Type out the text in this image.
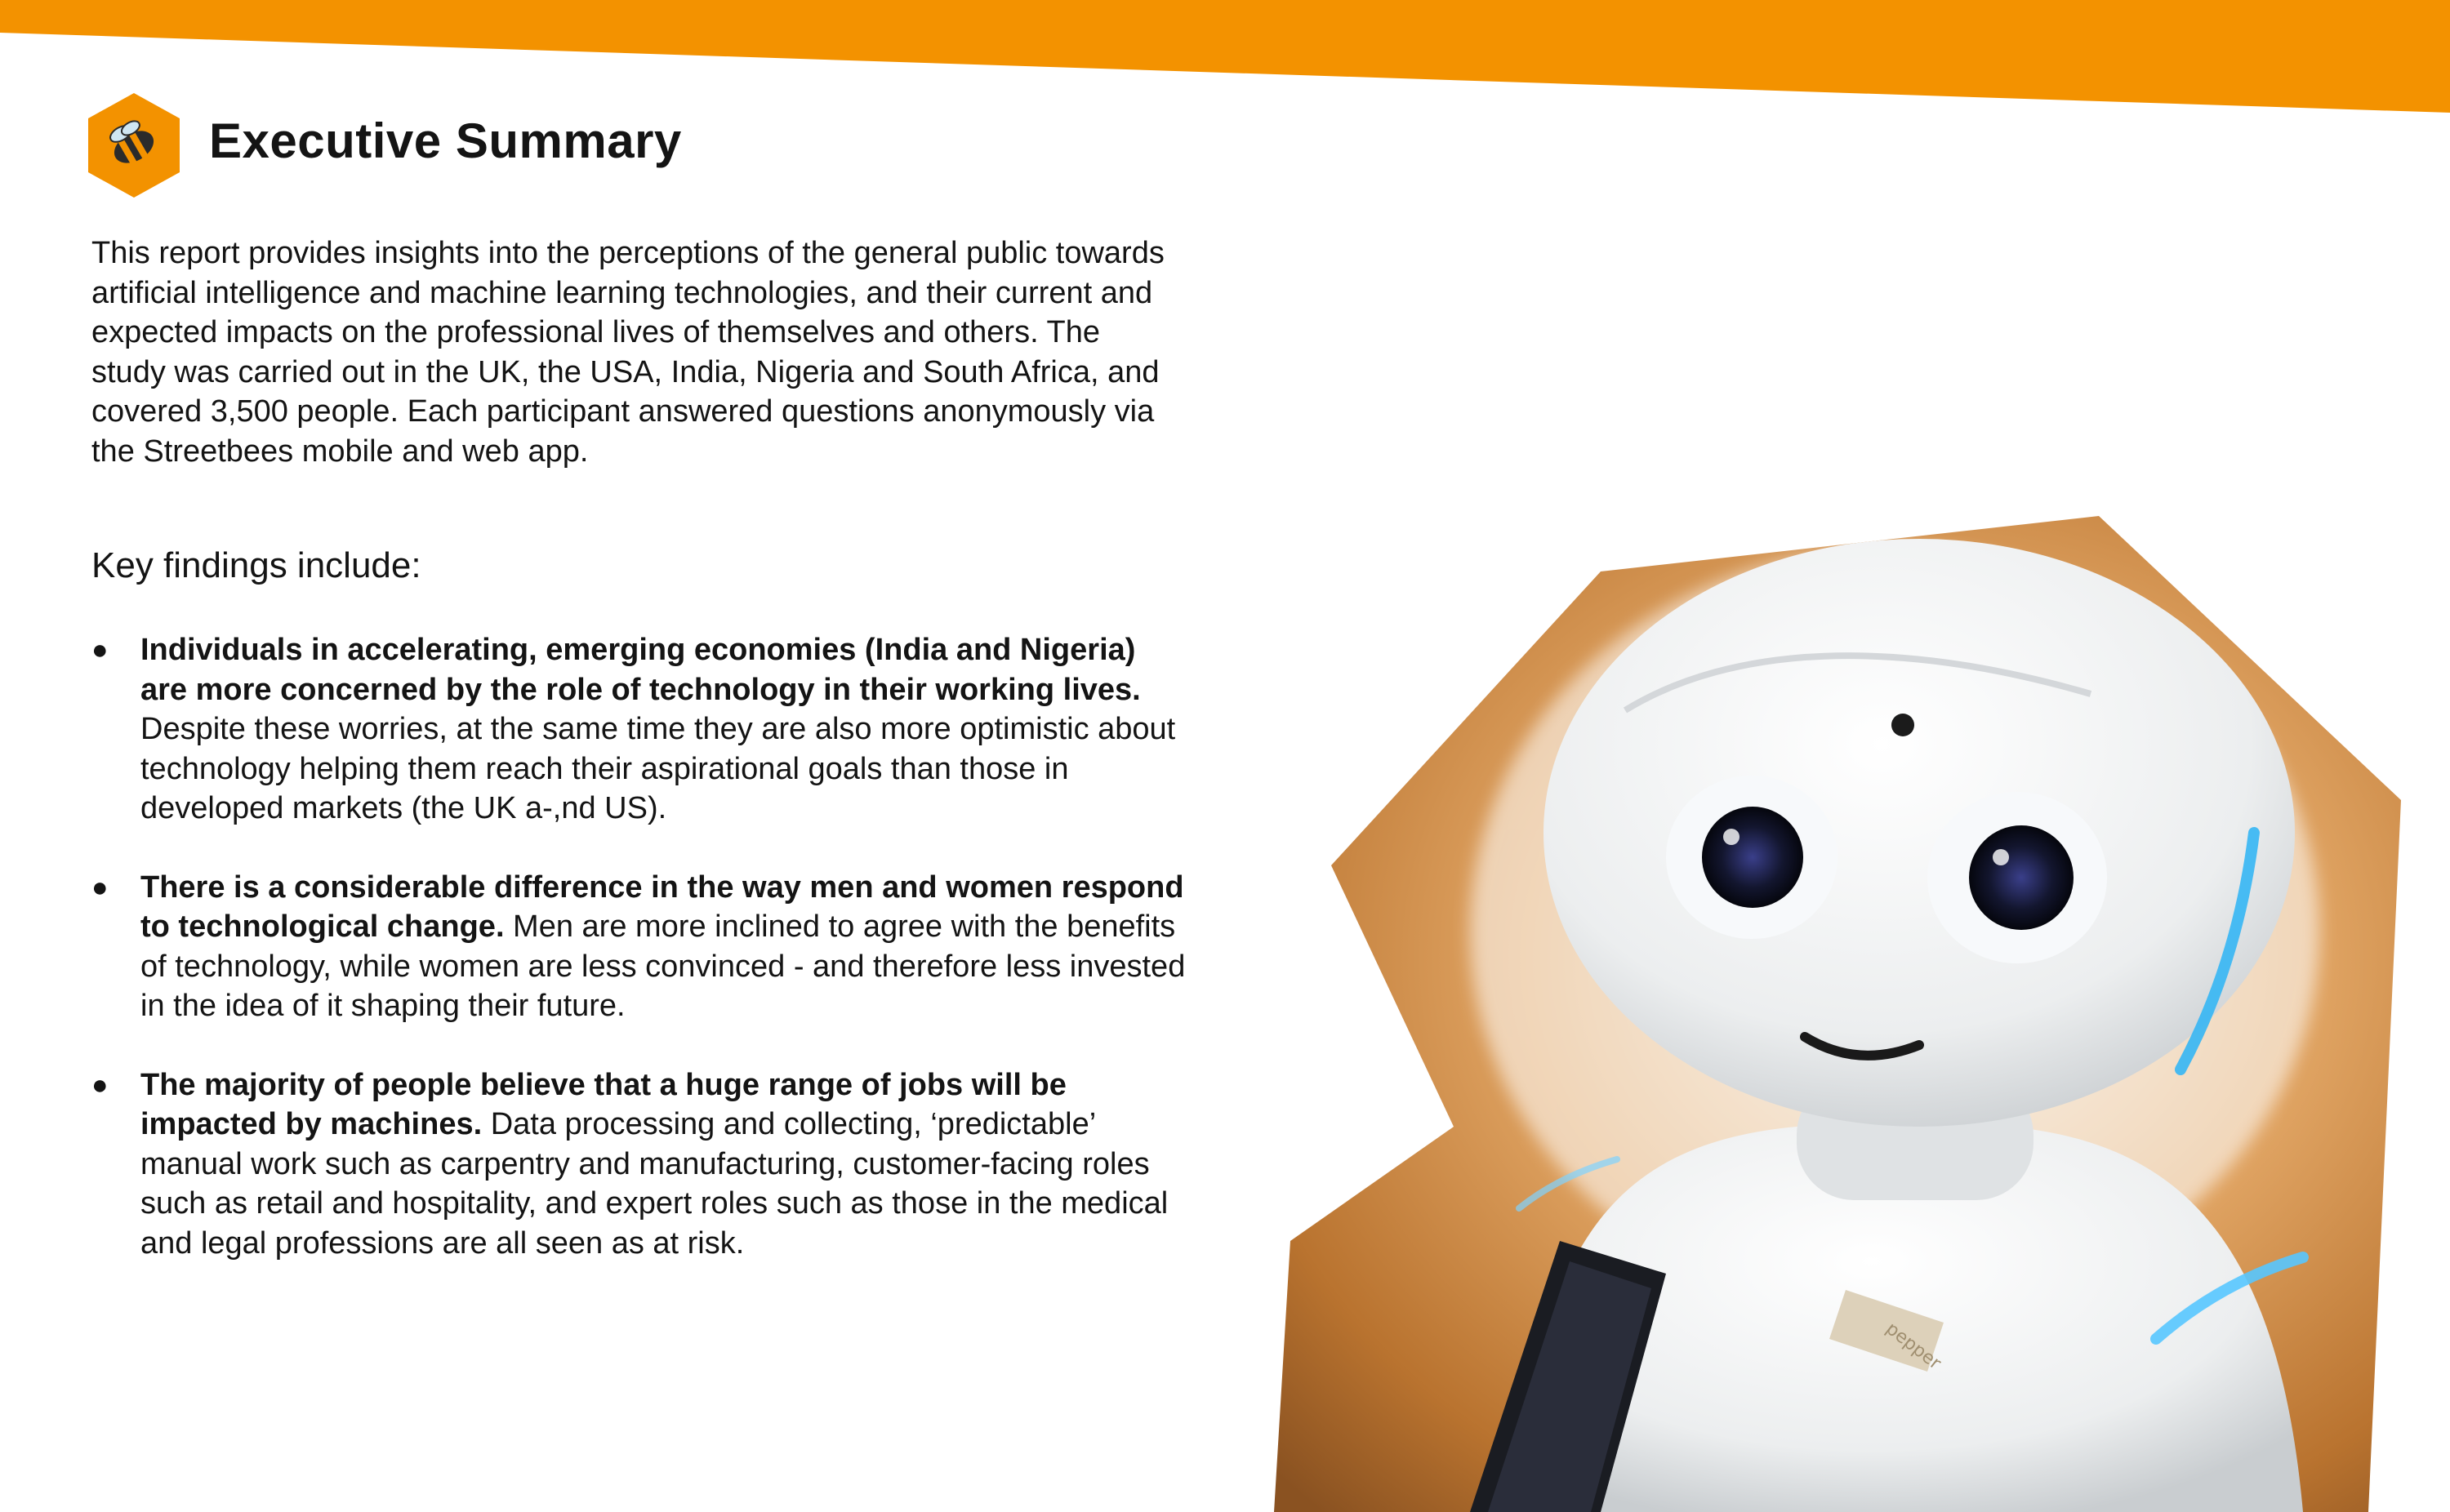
Executive Summary

This report provides insights into the perceptions of the general public towards artificial intelligence and machine learning technologies, and their current and expected impacts on the professional lives of themselves and others. The study was carried out in the UK, the USA, India, Nigeria and South Africa, and covered 3,500 people. Each participant answered questions anonymously via the Streetbees mobile and web app.

Key findings include:
● Individuals in accelerating, emerging economies (India and Nigeria) are more concerned by the role of technology in their working lives. Despite these worries, at the same time they are also more optimistic about technology helping them reach their aspirational goals than those in developed markets (the UK a-,nd US).
● There is a considerable difference in the way men and women respond to technological change. Men are more inclined to agree with the benefits of technology, while women are less convinced - and therefore less invested in the idea of it shaping their future.
● The majority of people believe that a huge range of jobs will be impacted by machines. Data processing and collecting, ‘predictable’ manual work such as carpentry and manufacturing, customer-facing roles such as retail and hospitality, and expert roles such as those in the medical and legal professions are all seen as at risk.
pepper
